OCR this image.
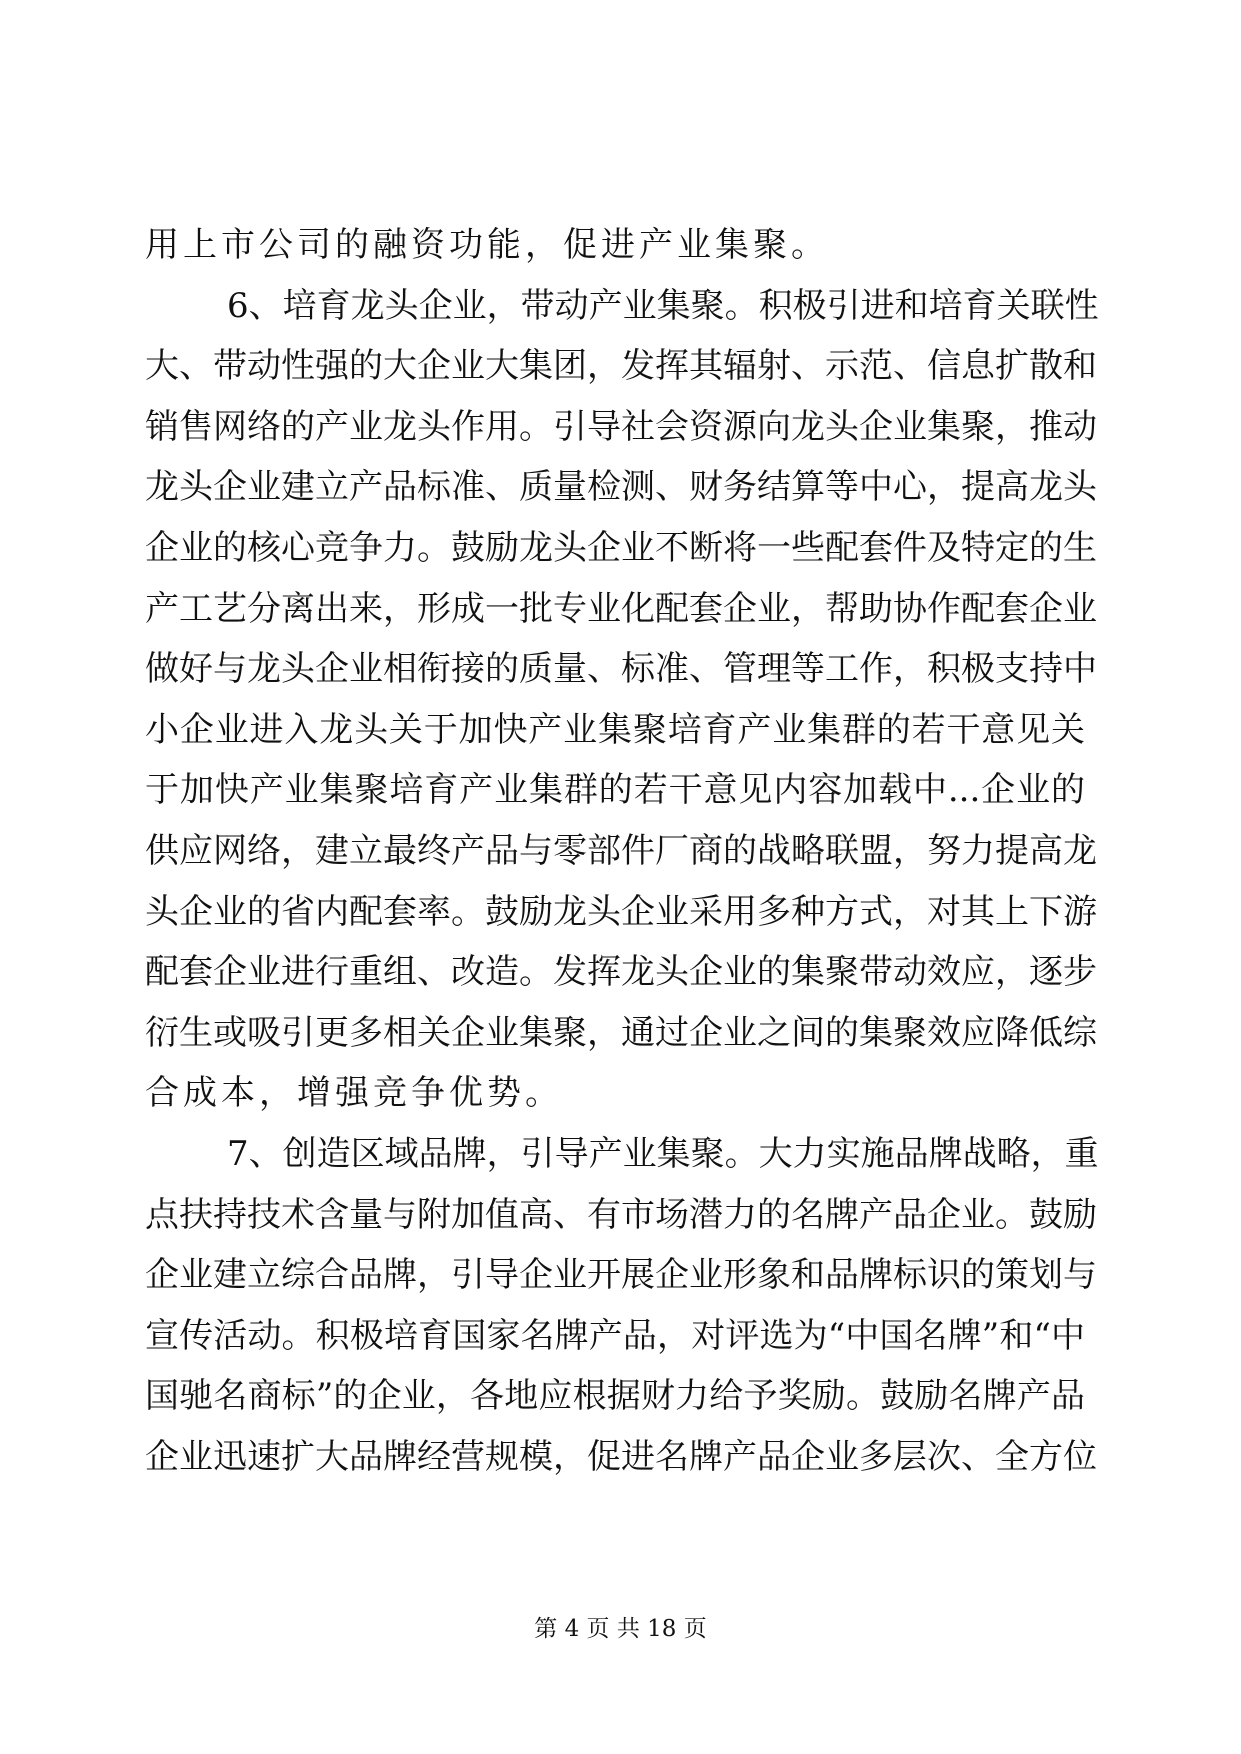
用上市公司的融资功能，促进产业集聚。
6、培育龙头企业，带动产业集聚。积极引进和培育关联性
大、带动性强的大企业大集团，发挥其辐射、示范、信息扩散和
销售网络的产业龙头作用。引导社会资源向龙头企业集聚，推动
龙头企业建立产品标准、质量检测、财务结算等中心，提高龙头
企业的核心竞争力。鼓励龙头企业不断将一些配套件及特定的生
产工艺分离出来，形成一批专业化配套企业，帮助协作配套企业
做好与龙头企业相衔接的质量、标准、管理等工作，积极支持中
小企业进入龙头关于加快产业集聚培育产业集群的若干意见关
于加快产业集聚培育产业集群的若干意见内容加载中...企业的
供应网络，建立最终产品与零部件厂商的战略联盟，努力提高龙
头企业的省内配套率。鼓励龙头企业采用多种方式，对其上下游
配套企业进行重组、改造。发挥龙头企业的集聚带动效应，逐步
衍生或吸引更多相关企业集聚，通过企业之间的集聚效应降低综
合成本，增强竞争优势。
7、创造区域品牌，引导产业集聚。大力实施品牌战略，重
点扶持技术含量与附加值高、有市场潜力的名牌产品企业。鼓励
企业建立综合品牌，引导企业开展企业形象和品牌标识的策划与
宣传活动。积极培育国家名牌产品，对评选为“中国名牌”和“中
国驰名商标”的企业，各地应根据财力给予奖励。鼓励名牌产品
企业迅速扩大品牌经营规模，促进名牌产品企业多层次、全方位
第 4 页 共 18 页
